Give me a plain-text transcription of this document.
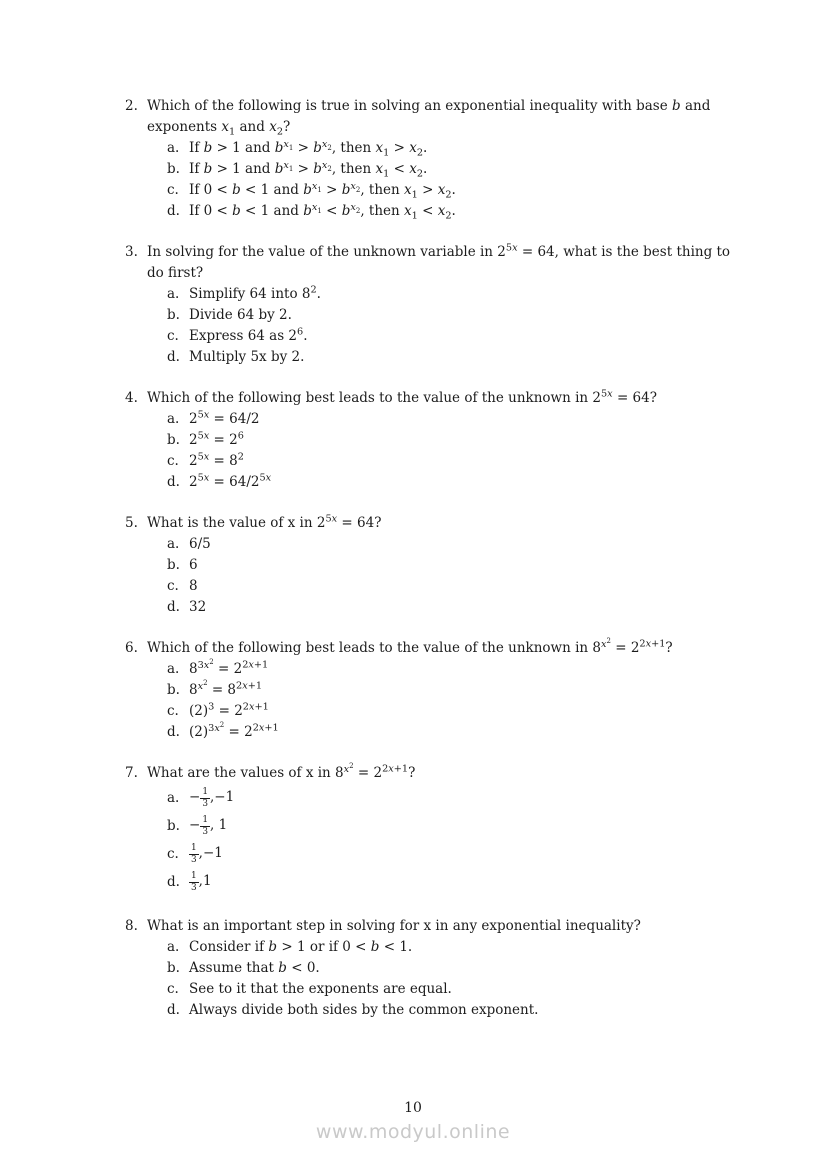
2. Which of the following is true in solving an exponential inequality with base b and exponents $x_1$ and $x_2$?
a. If b > 1 and $b^{x_1} > b^{x_2}$, then $x_1 > x_2$.
b. If b > 1 and $b^{x_1} > b^{x_2}$, then $x_1 < x_2$.
c. If 0 < b < 1 and $b^{x_1} > b^{x_2}$, then $x_1 > x_2$.
d. If 0 < b < 1 and $b^{x_1} < b^{x_2}$, then $x_1 < x_2$.
3. In solving for the value of the unknown variable in $2^{5x} = 64$, what is the best thing to do first?
a. Simplify 64 into $8^2$.
b. Divide 64 by 2.
c. Express 64 as $2^6$.
d. Multiply 5x by 2.
4. Which of the following best leads to the value of the unknown in $2^{5x} = 64$?
a. $2^{5x} = 64/2$
b. $2^{5x} = 2^6$
c. $2^{5x} = 8^2$
d. $2^{5x} = 64/2^{5x}$
5. What is the value of x in $2^{5x} = 64$?
a. 6/5
b. 6
c. 8
d. 32
6. Which of the following best leads to the value of the unknown in $8^{x^2} = 2^{2x+1}$?
a. $8^{3x^2} = 2^{2x+1}$
b. $8^{x^2} = 8^{2x+1}$
c. $(2)^3 = 2^{2x+1}$
d. $(2)^{3x^2} = 2^{2x+1}$
7. What are the values of x in $8^{x^2} = 2^{2x+1}$?
a. − $\frac{1}{3} ,-1$
b. − $\frac{1}{3}$ , 1
c.	$\frac{1}{3} ,-1$
d.	$\frac{1}{3} ,1$
8. What is an important step in solving for x in any exponential inequality?
a. Consider if b > 1 or if 0 < b < 1.
b. Assume that b < 0.
c. See to it that the exponents are equal.
d. Always divide both sides by the common exponent.
10
www.modyul.online
